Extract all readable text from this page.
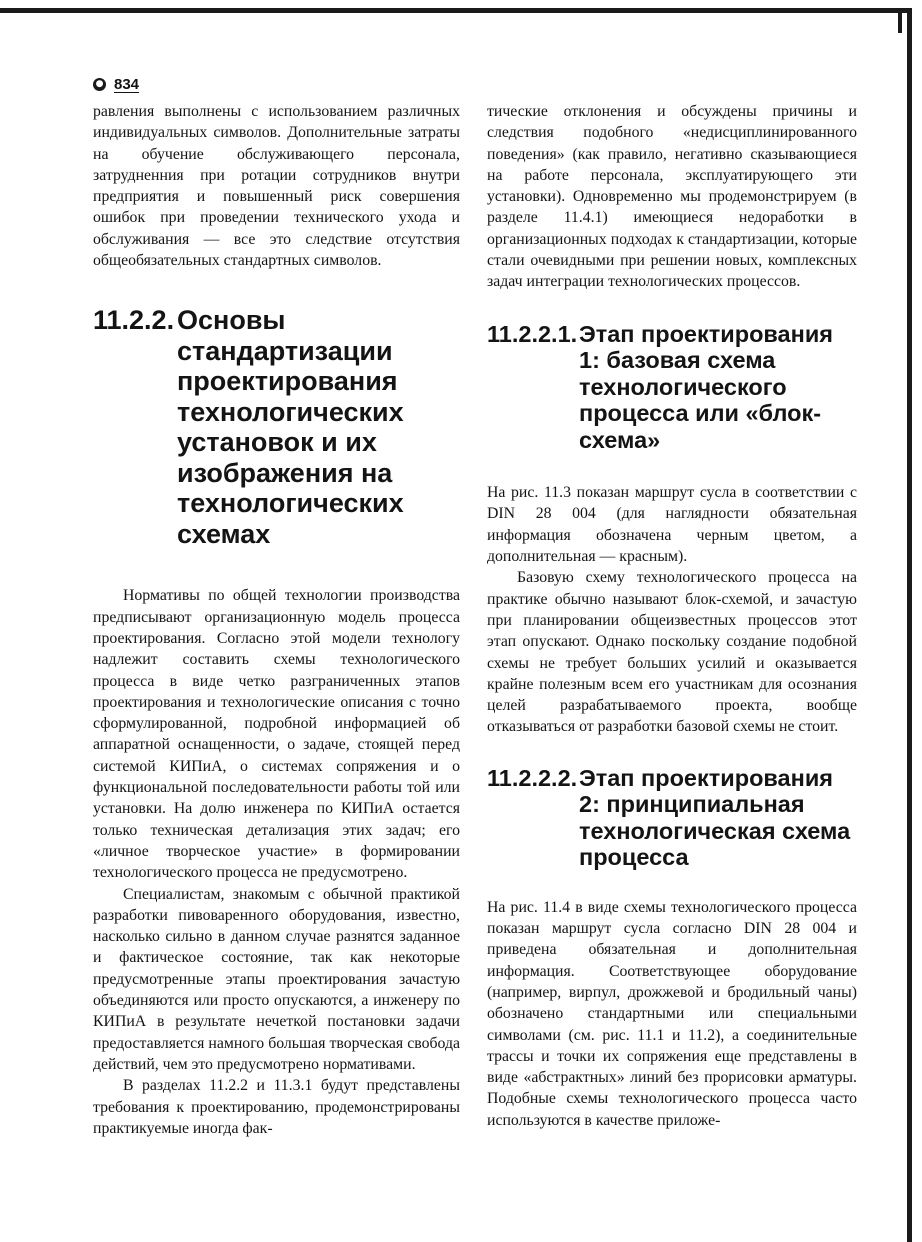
● 834

равления выполнены с использованием различных индивидуальных символов. Дополнительные затраты на обучение обслуживающего персонала, затрудненния при ротации сотрудников внутри предприятия и повышенный риск совершения ошибок при проведении технического ухода и обслуживания — все это следствие отсутствия общеобязательных стандартных символов.

11.2.2. Основы стандартизации проектирования технологических установок и их изображения на технологических схемах

Нормативы по общей технологии производства предписывают организационную модель процесса проектирования. Согласно этой модели технологу надлежит составить схемы технологического процесса в виде четко разграниченных этапов проектирования и технологические описания с точно сформулированной, подробной информацией об аппаратной оснащенности, о задаче, стоящей перед системой КИПиА, о системах сопряжения и о функциональной последовательности работы той или установки. На долю инженера по КИПиА остается только техническая детализация этих задач; его «личное творческое участие» в формировании технологического процесса не предусмотрено.

Специалистам, знакомым с обычной практикой разработки пивоваренного оборудования, известно, насколько сильно в данном случае разнятся заданное и фактическое состояние, так как некоторые предусмотренные этапы проектирования зачастую объединяются или просто опускаются, а инженеру по КИПиА в результате нечеткой постановки задачи предоставляется намного большая творческая свобода действий, чем это предусмотрено нормативами.

В разделах 11.2.2 и 11.3.1 будут представлены требования к проектированию, продемонстрированы практикуемые иногда фак-

тические отклонения и обсуждены причины и следствия подобного «недисциплинированного поведения» (как правило, негативно сказывающиеся на работе персонала, эксплуатирующего эти установки). Одновременно мы продемонстрируем (в разделе 11.4.1) имеющиеся недоработки в организационных подходах к стандартизации, которые стали очевидными при решении новых, комплексных задач интеграции технологических процессов.

11.2.2.1. Этап проектирования 1: базовая схема технологического процесса или «блок-схема»

На рис. 11.3 показан маршрут сусла в соответствии с DIN 28 004 (для наглядности обязательная информация обозначена черным цветом, а дополнительная — красным).

Базовую схему технологического процесса на практике обычно называют блок-схемой, и зачастую при планировании общеизвестных процессов этот этап опускают. Однако поскольку создание подобной схемы не требует больших усилий и оказывается крайне полезным всем его участникам для осознания целей разрабатываемого проекта, вообще отказываться от разработки базовой схемы не стоит.

11.2.2.2. Этап проектирования 2: принципиальная технологическая схема процесса

На рис. 11.4 в виде схемы технологического процесса показан маршрут сусла согласно DIN 28 004 и приведена обязательная и дополнительная информация. Соответствующее оборудование (например, вирпул, дрожжевой и бродильный чаны) обозначено стандартными или специальными символами (см. рис. 11.1 и 11.2), а соединительные трассы и точки их сопряжения еще представлены в виде «абстрактных» линий без прорисовки арматуры. Подобные схемы технологического процесса часто используются в качестве приложе-
